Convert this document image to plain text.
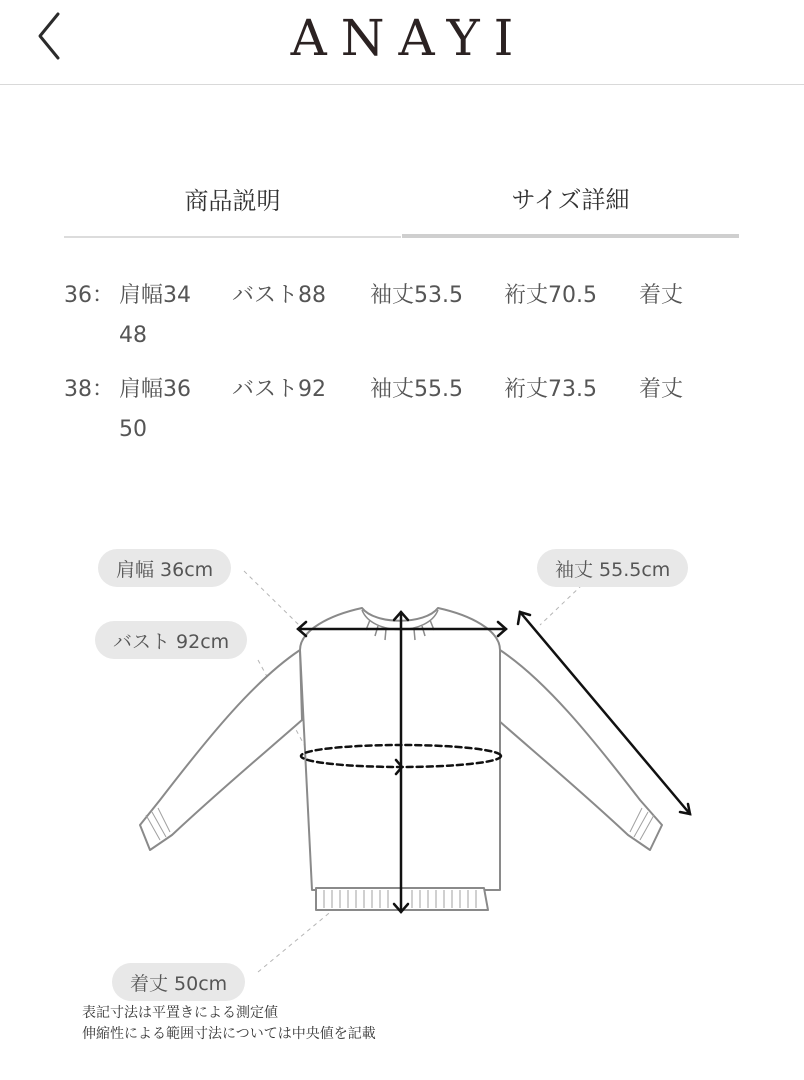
ANAYI
商品説明	サイズ詳細
36： 肩幅34 バスト88 袖丈53.5 裄丈70.5 着丈
48
38： 肩幅36 バスト92 袖丈55.5 裄丈73.5 着丈
50
肩幅 36cm
バスト 92cm
袖丈 55.5cm
着丈 50cm
表記寸法は平置きによる測定値
伸縮性による範囲寸法については中央値を記載
